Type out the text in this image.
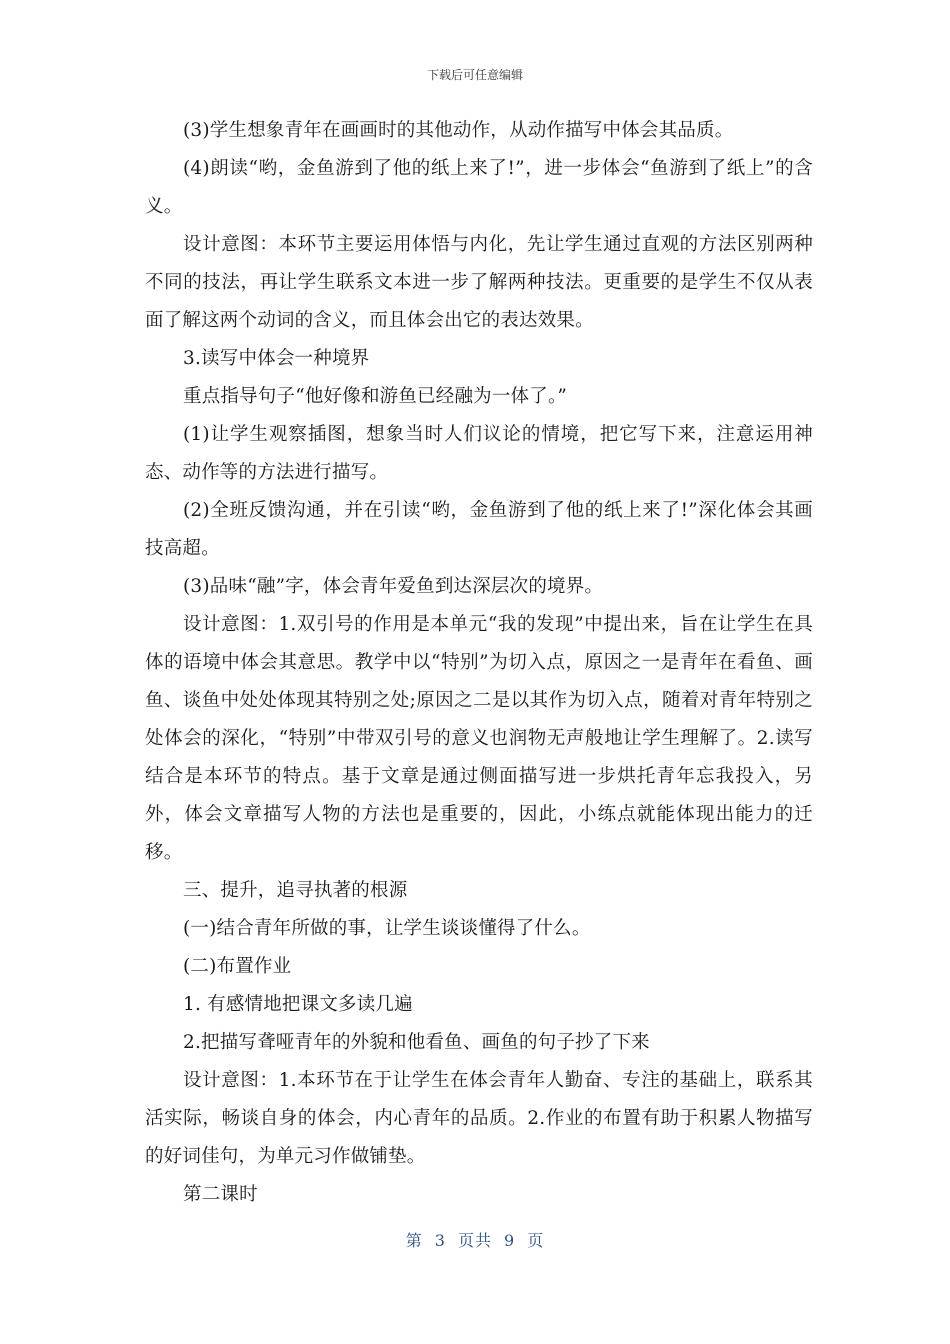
下载后可任意编辑

(3)学生想象青年在画画时的其他动作，从动作描写中体会其品质。

(4)朗读“哟，金鱼游到了他的纸上来了!”，进一步体会“鱼游到了纸上”的含义。

设计意图：本环节主要运用体悟与内化，先让学生通过直观的方法区别两种不同的技法，再让学生联系文本进一步了解两种技法。更重要的是学生不仅从表面了解这两个动词的含义，而且体会出它的表达效果。

3.读写中体会一种境界

重点指导句子“他好像和游鱼已经融为一体了。”

(1)让学生观察插图，想象当时人们议论的情境，把它写下来，注意运用神态、动作等的方法进行描写。

(2)全班反馈沟通，并在引读“哟，金鱼游到了他的纸上来了!”深化体会其画技高超。

(3)品味“融”字，体会青年爱鱼到达深层次的境界。

设计意图：1.双引号的作用是本单元“我的发现”中提出来，旨在让学生在具体的语境中体会其意思。教学中以“特别”为切入点，原因之一是青年在看鱼、画鱼、谈鱼中处处体现其特别之处;原因之二是以其作为切入点，随着对青年特别之处体会的深化，“特别”中带双引号的意义也润物无声般地让学生理解了。2.读写结合是本环节的特点。基于文章是通过侧面描写进一步烘托青年忘我投入，另外，体会文章描写人物的方法也是重要的，因此，小练点就能体现出能力的迁移。

三、提升，追寻执著的根源

(一)结合青年所做的事，让学生谈谈懂得了什么。

(二)布置作业

1. 有感情地把课文多读几遍

2.把描写聋哑青年的外貌和他看鱼、画鱼的句子抄了下来

设计意图：1.本环节在于让学生在体会青年人勤奋、专注的基础上，联系其活实际，畅谈自身的体会，内心青年的品质。2.作业的布置有助于积累人物描写的好词佳句，为单元习作做铺垫。

第二课时

第 3 页共 9 页
